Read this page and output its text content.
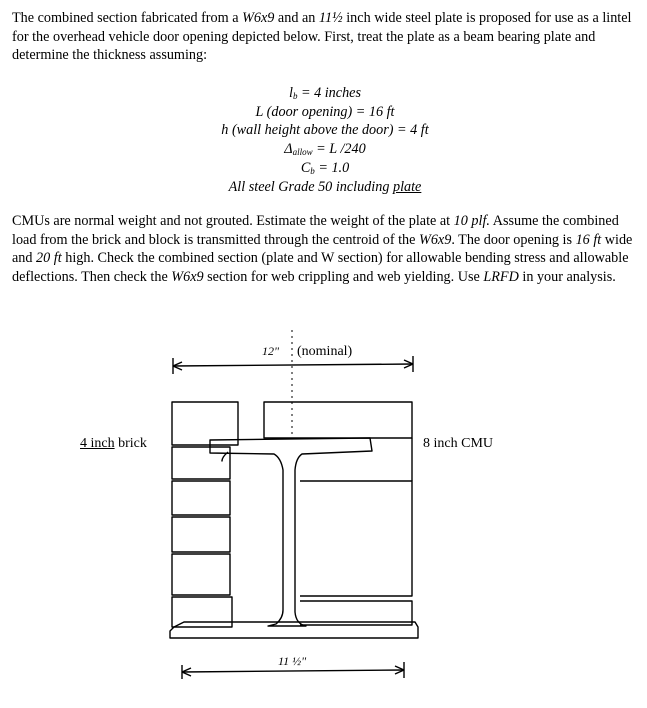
The combined section fabricated from a W6x9 and an 11½ inch wide steel plate is proposed for use as a lintel for the overhead vehicle door opening depicted below. First, treat the plate as a beam bearing plate and determine the thickness assuming:
$l_b = 4$ inches
L (door opening) = 16 ft
h (wall height above the door) = 4 ft
$\Delta_{allow} = L$ /240
$C_b = 1.0$
All steel Grade 50 including plate
CMUs are normal weight and not grouted. Estimate the weight of the plate at 10 plf. Assume the combined load from the brick and block is transmitted through the centroid of the W6x9. The door opening is 16 ft wide and 20 ft high. Check the combined section (plate and W section) for allowable bending stress and allowable deflections. Then check the W6x9 section for web crippling and web yielding. Use LRFD in your analysis.
12" (nominal)
4 inch brick	8 inch CMU
11 ½"
